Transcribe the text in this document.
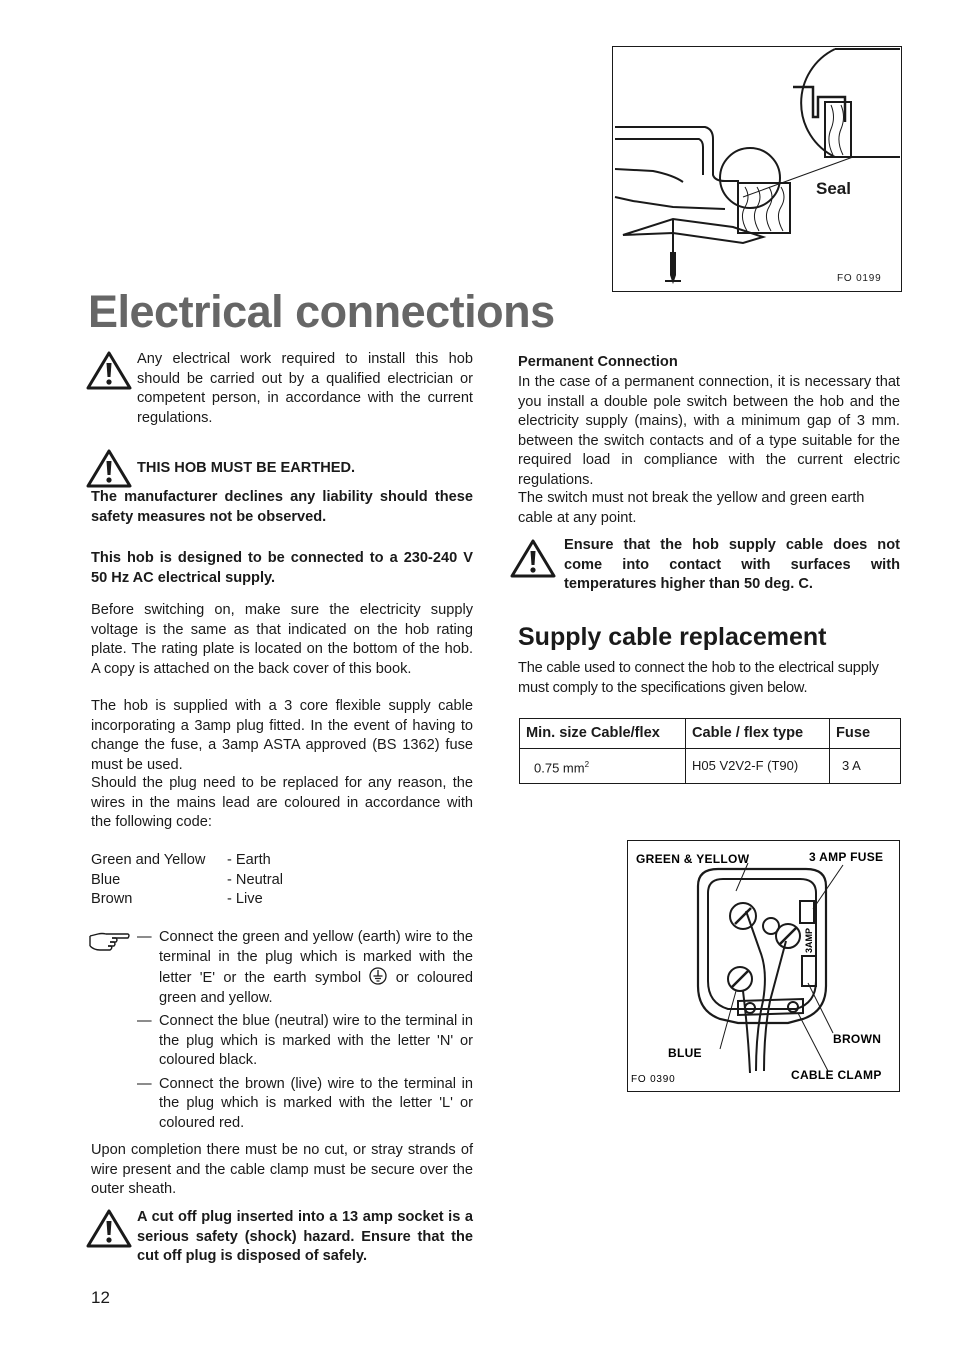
Seal
FO 0199
Electrical connections
Any electrical work required to install this hob should be carried out by a qualified electrician or competent person, in accordance with the current regulations.
THIS HOB MUST BE EARTHED.
The manufacturer declines any liability should these safety measures not be observed.
This hob is designed to be connected to a 230-240 V 50 Hz AC electrical supply.
Before switching on, make sure the electricity supply voltage is the same as that indicated on the hob rating plate. The rating plate is located on the bottom of the hob. A copy is attached on the back cover of this book.
The hob is supplied with a 3 core flexible supply cable incorporating a 3amp plug fitted. In the event of having to change the fuse, a 3amp ASTA approved (BS 1362) fuse must be used.
Should the plug need to be replaced for any reason, the wires in the mains lead are coloured in accordance with the following code:
Green and Yellow	- Earth
Blue	- Neutral
Brown	- Live
— Connect the green and yellow (earth) wire to the terminal in the plug which is marked with the letter 'E' or the earth symbol or coloured green and yellow.
— Connect the blue (neutral) wire to the terminal in the plug which is marked with the letter 'N' or coloured black.
— Connect the brown (live) wire to the terminal in the plug which is marked with the letter 'L' or coloured red.
Upon completion there must be no cut, or stray strands of wire present and the cable clamp must be secure over the outer sheath.
A cut off plug inserted into a 13 amp socket is a serious safety (shock) hazard. Ensure that the cut off plug is disposed of safely.
12
Permanent Connection
In the case of a permanent connection, it is necessary that you install a double pole switch between the hob and the electricity supply (mains), with a minimum gap of 3 mm. between the switch contacts and of a type suitable for the required load in compliance with the current electric regulations.
The switch must not break the yellow and green earth cable at any point.
Ensure that the hob supply cable does not come into contact with surfaces with temperatures higher than 50 deg. C.
Supply cable replacement
The cable used to connect the hob to the electrical supply must comply to the specifications given below.
Min. size Cable/flex	Cable / flex type	Fuse
0.75 $mm^2$	H05 V2V2-F (T90)	3 A
GREEN & YELLOW	3 AMP FUSE
3AMP
BLUE
BROWN
CABLE CLAMP
FO 0390
